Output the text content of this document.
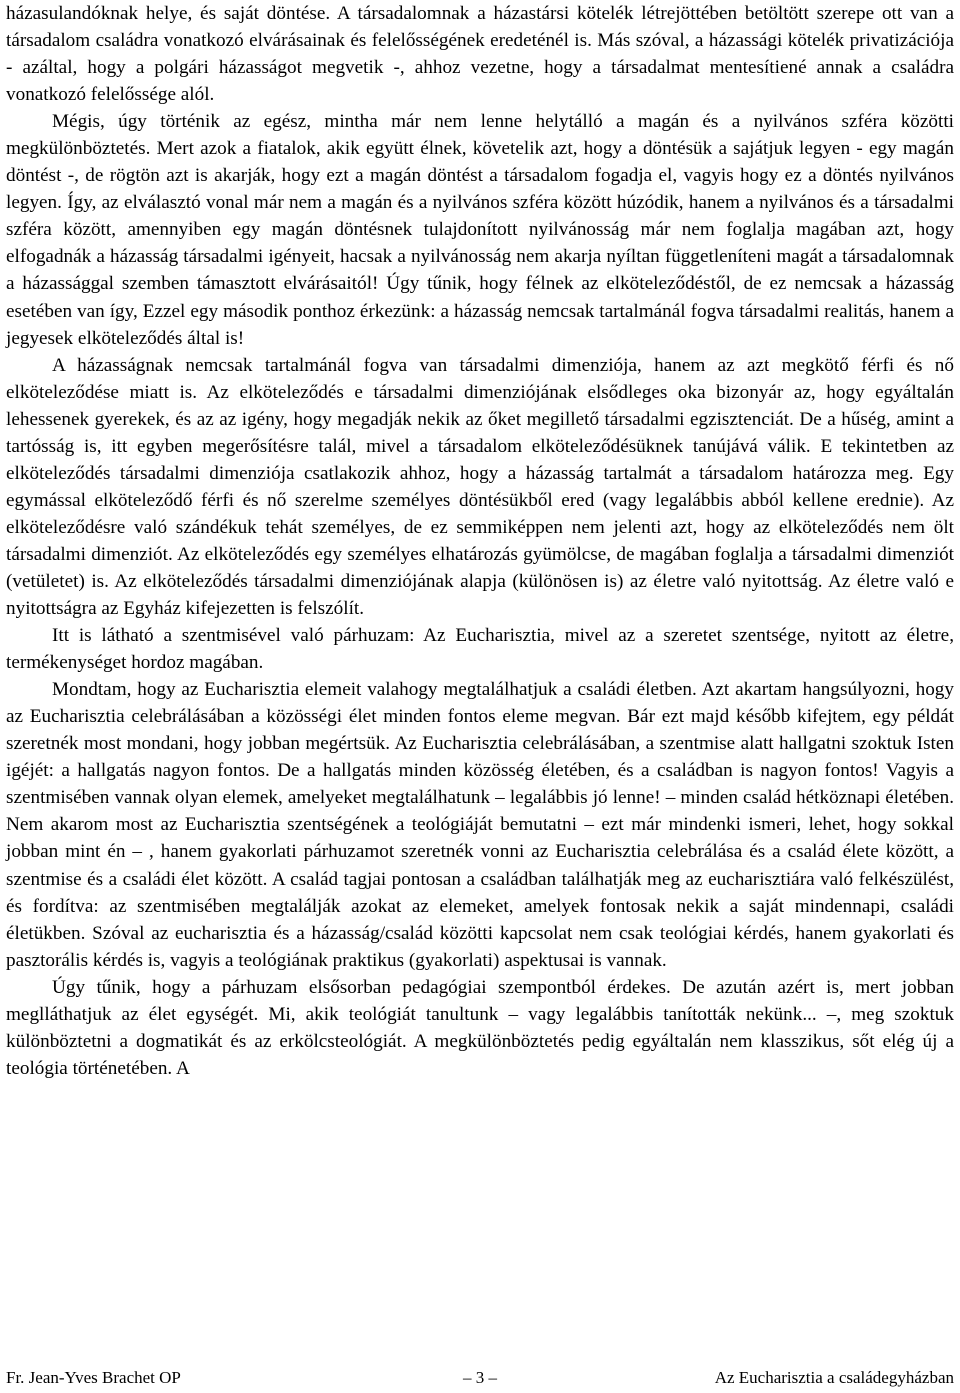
házasulandóknak helye, és saját döntése. A társadalomnak a házastársi kötelék létrejöttében betöltött szerepe ott van a társadalom családra vonatkozó elvárásainak és felelősségének eredeténél is. Más szóval, a házassági kötelék privatizációja - azáltal, hogy a polgári házasságot megvetik -, ahhoz vezetne, hogy a társadalmat mentesítiené annak a családra vonatkozó felelőssége alól.

Mégis, úgy történik az egész, mintha már nem lenne helytálló a magán és a nyilvános szféra közötti megkülönböztetés. Mert azok a fiatalok, akik együtt élnek, követelik azt, hogy a döntésük a sajátjuk legyen - egy magán döntést -, de rögtön azt is akarják, hogy ezt a magán döntést a társadalom fogadja el, vagyis hogy ez a döntés nyilvános legyen. Így, az elválasztó vonal már nem a magán és a nyilvános szféra között húzódik, hanem a nyilvános és a társadalmi szféra között, amennyiben egy magán döntésnek tulajdonított nyilvánosság már nem foglalja magában azt, hogy elfogadnák a házasság társadalmi igényeit, hacsak a nyilvánosság nem akarja nyíltan függetleníteni magát a társadalomnak a házassággal szemben támasztott elvárásaitól! Úgy tűnik, hogy félnek az elköteleződéstől, de ez nemcsak a házasság esetében van így, Ezzel egy második ponthoz érkezünk: a házasság nemcsak tartalmánál fogva társadalmi realitás, hanem a jegyesek elköteleződés által is!

A házasságnak nemcsak tartalmánál fogva van társadalmi dimenziója, hanem az azt megkötő férfi és nő elköteleződése miatt is. Az elköteleződés e társadalmi dimenziójának elsődleges oka bizonyár az, hogy egyáltalán lehessenek gyerekek, és az az igény, hogy megadják nekik az őket megillető társadalmi egzisztenciát. De a hűség, amint a tartósság is, itt egyben megerősítésre talál, mivel a társadalom elköteleződésüknek tanújává válik. E tekintetben az elköteleződés társadalmi dimenziója csatlakozik ahhoz, hogy a házasság tartalmát a társadalom határozza meg. Egy egymással elköteleződő férfi és nő szerelme személyes döntésükből ered (vagy legalábbis abból kellene erednie). Az elköteleződésre való szándékuk tehát személyes, de ez semmiképpen nem jelenti azt, hogy az elköteleződés nem ölt társadalmi dimenziót. Az elköteleződés egy személyes elhatározás gyümölcse, de magában foglalja a társadalmi dimenziót (vetületet) is. Az elköteleződés társadalmi dimenziójának alapja (különösen is) az életre való nyitottság. Az életre való e nyitottságra az Egyház kifejezetten is felszólít.

Itt is látható a szentmisével való párhuzam: Az Eucharisztia, mivel az a szeretet szentsége, nyitott az életre, termékenységet hordoz magában.

Mondtam, hogy az Eucharisztia elemeit valahogy megtalálhatjuk a családi életben. Azt akartam hangsúlyozni, hogy az Eucharisztia celebrálásában a közösségi élet minden fontos eleme megvan. Bár ezt majd később kifejtem, egy példát szeretnék most mondani, hogy jobban megértsük. Az Eucharisztia celebrálásában, a szentmise alatt hallgatni szoktuk Isten igéjét: a hallgatás nagyon fontos. De a hallgatás minden közösség életében, és a családban is nagyon fontos! Vagyis a szentmisében vannak olyan elemek, amelyeket megtalálhatunk – legalábbis jó lenne! – minden család hétköznapi életében. Nem akarom most az Eucharisztia szentségének a teológiáját bemutatni – ezt már mindenki ismeri, lehet, hogy sokkal jobban mint én – , hanem gyakorlati párhuzamot szeretnék vonni az Eucharisztia celebrálása és a család élete között, a szentmise és a családi élet között. A család tagjai pontosan a családban találhatják meg az eucharisztiára való felkészülést, és fordítva: az szentmisében megtalálják azokat az elemeket, amelyek fontosak nekik a saját mindennapi, családi életükben. Szóval az eucharisztia és a házasság/család közötti kapcsolat nem csak teológiai kérdés, hanem gyakorlati és pasztorális kérdés is, vagyis a teológiának praktikus (gyakorlati) aspektusai is vannak.

Úgy tűnik, hogy a párhuzam elsősorban pedagógiai szempontból érdekes. De azután azért is, mert jobban meglláthatjuk az élet egységét. Mi, akik teológiát tanultunk – vagy legalábbis tanították nekünk... –, meg szoktuk különböztetni a dogmatikát és az erkölcsteológiát. A megkülönböztetés pedig egyáltalán nem klasszikus, sőt elég új a teológia történetében. A

Fr. Jean-Yves Brachet OP	– 3 –	Az Eucharisztia a családegyházban
